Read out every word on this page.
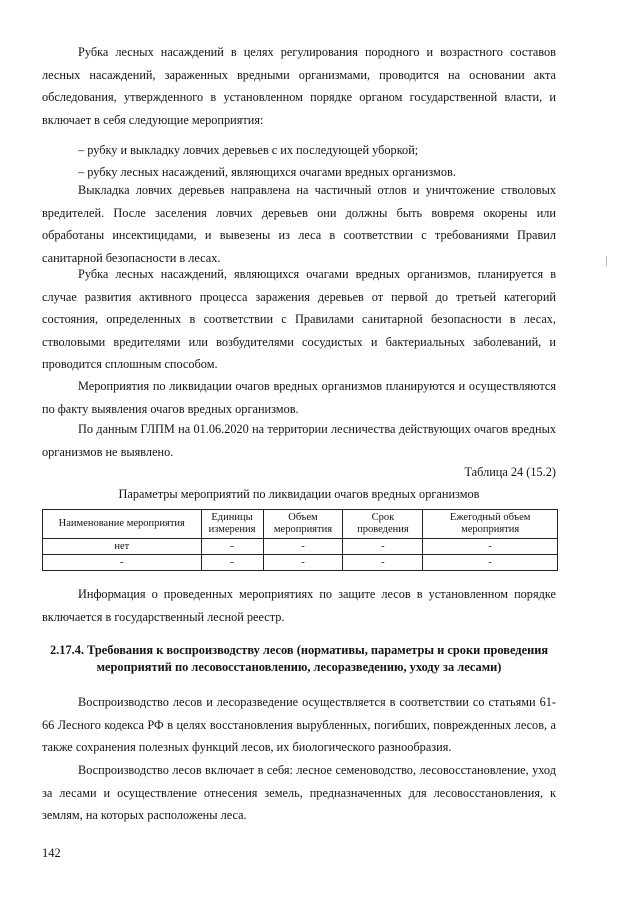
Рубка лесных насаждений в целях регулирования породного и возрастного составов лесных насаждений, зараженных вредными организмами, проводится на основании акта обследования, утвержденного в установленном порядке органом государственной власти, и включает в себя следующие мероприятия:

– рубку и выкладку ловчих деревьев с их последующей уборкой;

– рубку лесных насаждений, являющихся очагами вредных организмов.

Выкладка ловчих деревьев направлена на частичный отлов и уничтожение стволовых вредителей. После заселения ловчих деревьев они должны быть вовремя окорены или обработаны инсектицидами, и вывезены из леса в соответствии с требованиями Правил санитарной безопасности в лесах.

Рубка лесных насаждений, являющихся очагами вредных организмов, планируется в случае развития активного процесса заражения деревьев от первой до третьей категорий состояния, определенных в соответствии с Правилами санитарной безопасности в лесах, стволовыми вредителями или возбудителями сосудистых и бактериальных заболеваний, и проводится сплошным способом.

Мероприятия по ликвидации очагов вредных организмов планируются и осуществляются по факту выявления очагов вредных организмов.

По данным ГЛПМ на 01.06.2020 на территории лесничества действующих очагов вредных организмов не выявлено.

Таблица 24 (15.2)
Параметры мероприятий по ликвидации очагов вредных организмов
Наименование мероприятия	Единицы измерения	Объем мероприятия	Срок проведения	Ежегодный объем мероприятия
нет	-	-	-	-
-	-	-	-	-

Информация о проведенных мероприятиях по защите лесов в установленном порядке включается в государственный лесной реестр.

2.17.4. Требования к воспроизводству лесов (нормативы, параметры и сроки проведения мероприятий по лесовосстановлению, лесоразведению, уходу за лесами)

Воспроизводство лесов и лесоразведение осуществляется в соответствии со статьями 61-66 Лесного кодекса РФ в целях восстановления вырубленных, погибших, поврежденных лесов, а также сохранения полезных функций лесов, их биологического разнообразия.

Воспроизводство лесов включает в себя: лесное семеноводство, лесовосстановление, уход за лесами и осуществление отнесения земель, предназначенных для лесовосстановления, к землям, на которых расположены леса.

142
